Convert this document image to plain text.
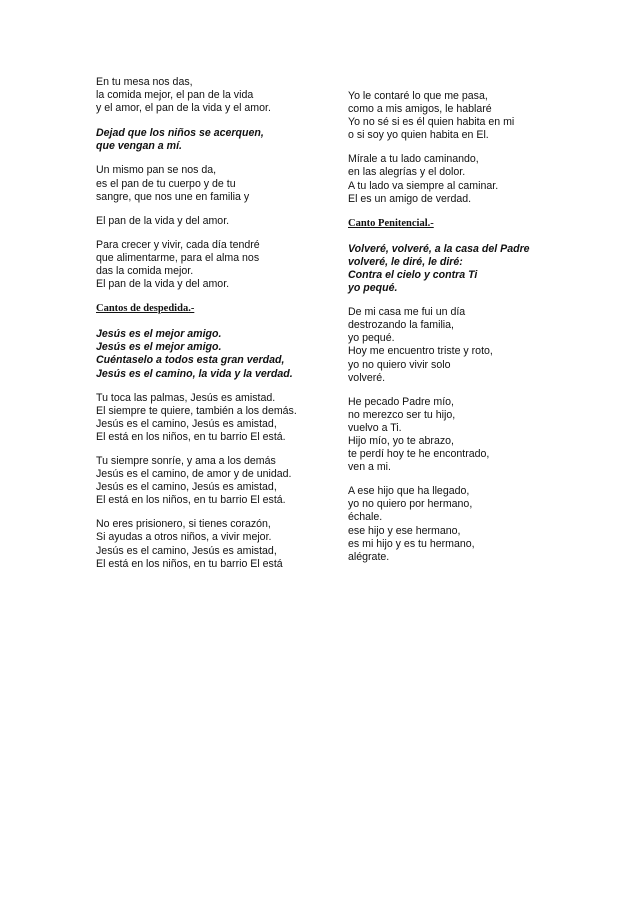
En tu mesa nos das,
la comida mejor, el pan de la vida
y el amor, el pan de la vida y el amor.

Dejad que los niños se acerquen,
que vengan a mí.

Un mismo pan se nos da,
es el pan de tu cuerpo y de tu
sangre, que nos une en familia y

El pan de la vida y del amor.

Para crecer y vivir, cada día tendré
que alimentarme, para el alma nos
das la comida mejor.
El pan de la vida y del amor.

Cantos de despedida.-

Jesús es el mejor amigo.
Jesús es el mejor amigo.
Cuéntaselo a todos esta gran verdad,
Jesús es el camino, la vida y la verdad.

Tu toca las palmas, Jesús es amistad.
El siempre te quiere, también a los demás.
Jesús es el camino, Jesús es amistad,
El está en los niños, en tu barrio El está.

Tu siempre sonríe, y ama a los demás
Jesús es el camino, de amor y de unidad.
Jesús es el camino, Jesús es amistad,
El está en los niños, en tu barrio El está.

No eres prisionero, si tienes corazón,
Si ayudas a otros niños, a vivir mejor.
Jesús es el camino, Jesús es amistad,
El está en los niños, en tu barrio El está

Yo le contaré lo que me pasa,
como a mis amigos, le hablaré
Yo no sé si es él quien habita en mi
o si soy yo quien habita en El.

Mírale a tu lado caminando,
en las alegrías y el dolor.
A tu lado va siempre al caminar.
El es un amigo de verdad.

Canto Penitencial.-

Volveré, volveré, a la casa del Padre
volveré, le diré, le diré:
Contra el cielo y contra Ti
yo pequé.

De mi casa me fui un día
destrozando la familia,
yo pequé.
Hoy me encuentro triste y roto,
yo no quiero vivir solo
volveré.

He pecado Padre mío,
no merezco ser tu hijo,
vuelvo a Ti.
Hijo mío, yo te abrazo,
te perdí hoy te he encontrado,
ven a mi.

A ese hijo que ha llegado,
yo no quiero por hermano,
échale.
ese hijo y ese hermano,
es mi hijo y es tu hermano,
alégrate.
